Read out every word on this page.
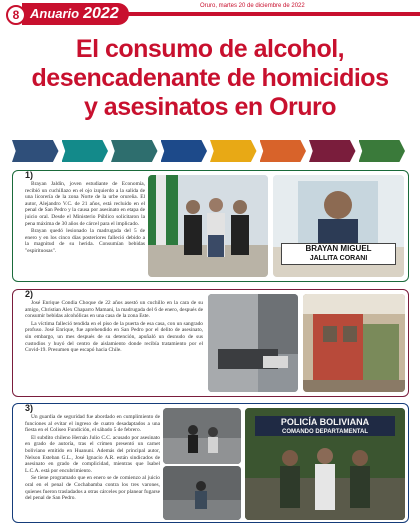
8 Anuario 2022	Oruro, martes 20 de diciembre de 2022
El consumo de alcohol,
desencadenante de homicidios
y asesinatos en Oruro
1)

Brayan Jaldín, joven estudiante de Economía, recibió un cuchillazo en el ojo izquierdo a la salida de una licorería de la zona Norte de la urbe orureña. El autor, Alejandro V.C. de 21 años, está recluido en el penal de San Pedro y la causa por asesinato en etapa de juicio oral. Desde el Ministerio Público solicitaron la pena máxima de 30 años de cárcel para el implicado.

Brayan quedó lesionado la madrugada del 5 de enero y en los cinco días posteriores falleció debido a la magnitud de su herida. Consumían bebidas "espirituosas".	BRAYAN MIGUEL
JALLITA CORANI
2)

José Enrique Condia Choque de 22 años asestó un cuchillo en la cara de su amigo, Christian Alex Chaparro Mamani, la madrugada del 6 de enero, después de consumir bebidas alcohólicas en una casa de la zona Este.

La víctima falleció tendida en el piso de la puerta de esa casa, con un sangrado profuso. José Enrique, fue aprehendido en San Pedro por el delito de asesinato, sin embargo, un mes después de su detención, apuñaló un desnudo de sus custodios y huyó del centro de aislamiento donde recibía tratamiento por el Covid-19. Presumen que escapó hacia Chile.

3)

Un guardia de seguridad fue abordado en cumplimiento de funciones al evitar el ingreso de cuatro desadaptados a una fiesta en el Coliseo Fundición, el sábado 5 de febrero.

El subdito chileno Hernán Julio C.C. acusado por asesinato en grado de autoría, tras el crimen presentó un carnet boliviano emitido en Huanuni. Además del principal autor, Nelson Esteban G.L., José Ignacio A.R. están sindicados de asesinato en grado de complicidad, mientras que Isabel L.C.A. está por encubrimiento.

Se tiene programado que en enero se de comienzo al juicio oral en el penal de Cochabamba contra los tres varones, quienes fueron trasladados a otras cárceles por planear fugarse del penal de San Pedro.

POLICÍA BOLIVIANA
COMANDO DEPARTAMENTAL
